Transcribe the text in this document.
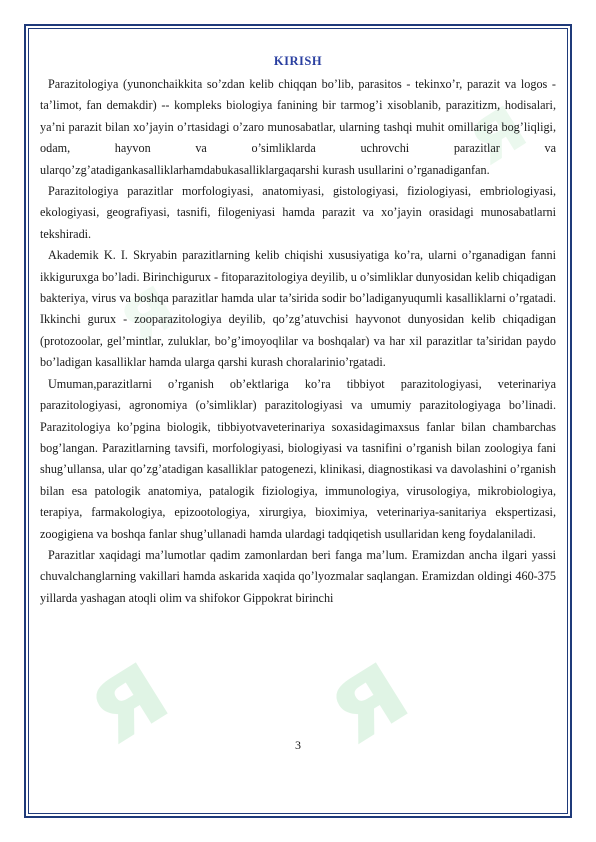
я я
я
я
KIRISH

Parazitologiya (yunonchaikkita so’zdan kelib chiqqan bo’lib, parasitos - tekinxo’r, parazit va logos - ta’limot, fan demakdir) -- kompleks biologiya fanining bir tarmog’i xisoblanib, parazitizm, hodisalari, ya’ni parazit bilan xo’jayin o’rtasidagi o’zaro munosabatlar, ularning tashqi muhit omillariga bog’liqligi, odam, hayvon va o’simliklarda uchrovchi parazitlar va ularqo’zg’atadigankasalliklarhamdabukasalliklargaqarshi kurash usullarini o’rganadiganfan.

Parazitologiya parazitlar morfologiyasi, anatomiyasi, gistologiyasi, fiziologiyasi, embriologiyasi, ekologiyasi, geografiyasi, tasnifi, filogeniyasi hamda parazit va xo’jayin orasidagi munosabatlarni tekshiradi.

Akademik K. I. Skryabin parazitlarning kelib chiqishi xususiyatiga ko’ra, ularni o’rganadigan fanni ikkiguruxga bo’ladi. Birinchigurux - fitoparazitologiya deyilib, u o’simliklar dunyosidan kelib chiqadigan bakteriya, virus va boshqa parazitlar hamda ular ta’sirida sodir bo’ladiganyuqumli kasalliklarni o’rgatadi. Ikkinchi gurux - zooparazitologiya deyilib, qo’zg’atuvchisi hayvonot dunyosidan kelib chiqadigan (protozoolar, gel’mintlar, zuluklar, bo’g’imoyoqlilar va boshqalar) va har xil parazitlar ta’siridan paydo bo’ladigan kasalliklar hamda ularga qarshi kurash choralarinio’rgatadi.

Umuman,parazitlarni o’rganish ob’ektlariga ko’ra tibbiyot parazitologiyasi, veterinariya parazitologiyasi, agronomiya (o’simliklar) parazitologiyasi va umumiy parazitologiyaga bo’linadi. Parazitologiya ko’pgina biologik, tibbiyotvaveterinariya soxasidagimaxsus fanlar bilan chambarchas bog’langan. Parazitlarning tavsifi, morfologiyasi, biologiyasi va tasnifini o’rganish bilan zoologiya fani shug’ullansa, ular qo’zg’atadigan kasalliklar patogenezi, klinikasi, diagnostikasi va davolashini o’rganish bilan esa patologik anatomiya, patalogik fiziologiya, immunologiya, virusologiya, mikrobiologiya, terapiya, farmakologiya, epizootologiya, xirurgiya, bioximiya, veterinariya-sanitariya ekspertizasi, zoogigiena va boshqa fanlar shug’ullanadi hamda ulardagi tadqiqetish usullaridan keng foydalaniladi.

Parazitlar xaqidagi ma’lumotlar qadim zamonlardan beri fanga ma’lum. Eramizdan ancha ilgari yassi chuvalchanglarning vakillari hamda askarida xaqida qo’lyozmalar saqlangan. Eramizdan oldingi 460-375 yillarda yashagan atoqli olim va shifokor Gippokrat birinchi

3
